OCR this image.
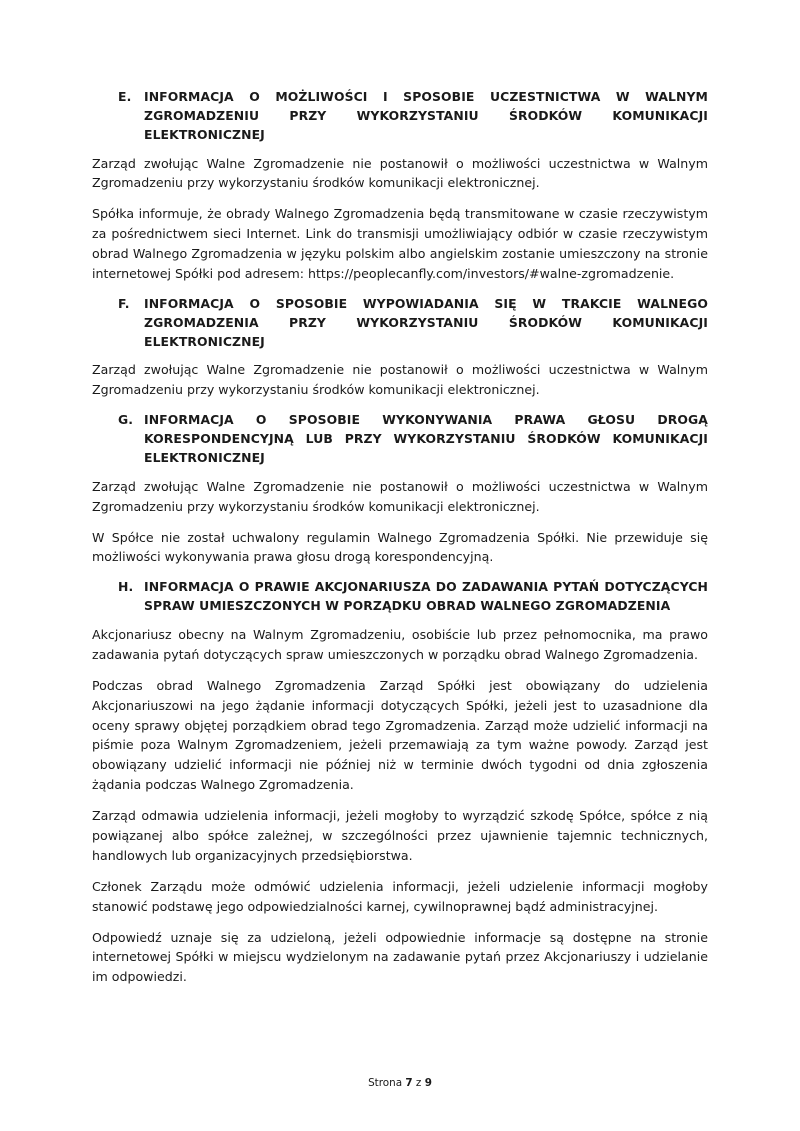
E.	INFORMACJA O MOŻLIWOŚCI I SPOSOBIE UCZESTNICTWA W WALNYM ZGROMADZENIU PRZY WYKORZYSTANIU ŚRODKÓW KOMUNIKACJI ELEKTRONICZNEJ

Zarząd zwołując Walne Zgromadzenie nie postanowił o możliwości uczestnictwa w Walnym Zgromadzeniu przy wykorzystaniu środków komunikacji elektronicznej.

Spółka informuje, że obrady Walnego Zgromadzenia będą transmitowane w czasie rzeczywistym za pośrednictwem sieci Internet. Link do transmisji umożliwiający odbiór w czasie rzeczywistym obrad Walnego Zgromadzenia w języku polskim albo angielskim zostanie umieszczony na stronie internetowej Spółki pod adresem: https://peoplecanfly.com/investors/#walne-zgromadzenie.

F.	INFORMACJA O SPOSOBIE WYPOWIADANIA SIĘ W TRAKCIE WALNEGO ZGROMADZENIA PRZY WYKORZYSTANIU ŚRODKÓW KOMUNIKACJI ELEKTRONICZNEJ

Zarząd zwołując Walne Zgromadzenie nie postanowił o możliwości uczestnictwa w Walnym Zgromadzeniu przy wykorzystaniu środków komunikacji elektronicznej.

G. INFORMACJA O SPOSOBIE WYKONYWANIA PRAWA GŁOSU DROGĄ KORESPONDENCYJNĄ LUB PRZY WYKORZYSTANIU ŚRODKÓW KOMUNIKACJI ELEKTRONICZNEJ

Zarząd zwołując Walne Zgromadzenie nie postanowił o możliwości uczestnictwa w Walnym Zgromadzeniu przy wykorzystaniu środków komunikacji elektronicznej.

W Spółce nie został uchwalony regulamin Walnego Zgromadzenia Spółki. Nie przewiduje się możliwości wykonywania prawa głosu drogą korespondencyjną.

H. INFORMACJA O PRAWIE AKCJONARIUSZA DO ZADAWANIA PYTAŃ DOTYCZĄCYCH SPRAW UMIESZCZONYCH W PORZĄDKU OBRAD WALNEGO ZGROMADZENIA

Akcjonariusz obecny na Walnym Zgromadzeniu, osobiście lub przez pełnomocnika, ma prawo zadawania pytań dotyczących spraw umieszczonych w porządku obrad Walnego Zgromadzenia.

Podczas obrad Walnego Zgromadzenia Zarząd Spółki jest obowiązany do udzielenia Akcjonariuszowi na jego żądanie informacji dotyczących Spółki, jeżeli jest to uzasadnione dla oceny sprawy objętej porządkiem obrad tego Zgromadzenia. Zarząd może udzielić informacji na piśmie poza Walnym Zgromadzeniem, jeżeli przemawiają za tym ważne powody. Zarząd jest obowiązany udzielić informacji nie później niż w terminie dwóch tygodni od dnia zgłoszenia żądania podczas Walnego Zgromadzenia.

Zarząd odmawia udzielenia informacji, jeżeli mogłoby to wyrządzić szkodę Spółce, spółce z nią powiązanej albo spółce zależnej, w szczególności przez ujawnienie tajemnic technicznych, handlowych lub organizacyjnych przedsiębiorstwa.

Członek Zarządu może odmówić udzielenia informacji, jeżeli udzielenie informacji mogłoby stanowić podstawę jego odpowiedzialności karnej, cywilnoprawnej bądź administracyjnej.

Odpowiedź uznaje się za udzieloną, jeżeli odpowiednie informacje są dostępne na stronie internetowej Spółki w miejscu wydzielonym na zadawanie pytań przez Akcjonariuszy i udzielanie im odpowiedzi.

Strona 7 z 9
